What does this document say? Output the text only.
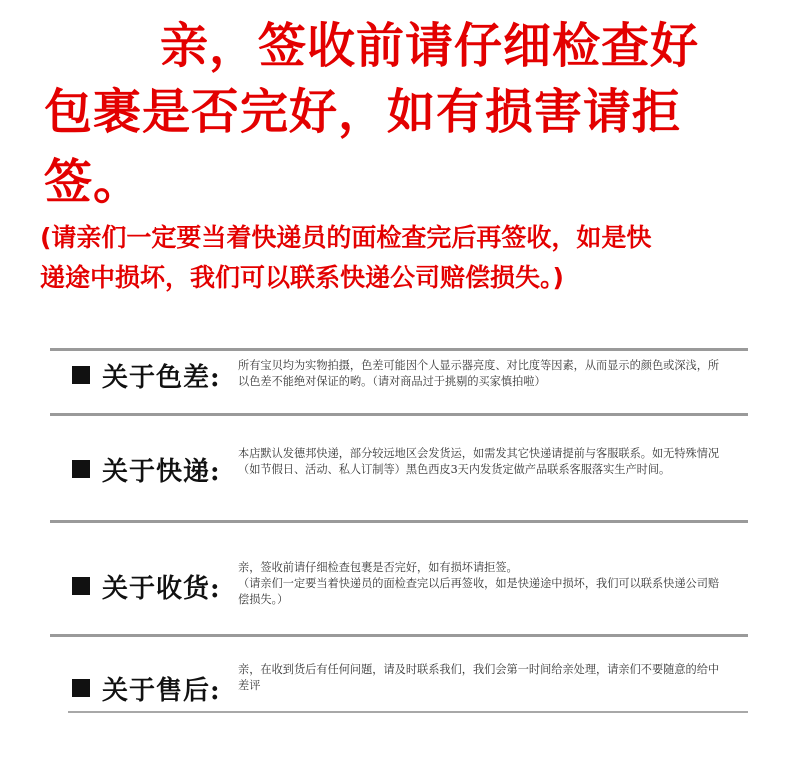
亲，签收前请仔细检查好
包裹是否完好，如有损害请拒
签。
(请亲们一定要当着快递员的面检查完后再签收，如是快
递途中损坏，我们可以联系快递公司赔偿损失。)
关于色差: 所有宝贝均为实物拍摄，色差可能因个人显示器亮度、对比度等因素，从而显示的颜色或深浅，所以色差不能绝对保证的哟。（请对商品过于挑剔的买家慎拍啦）

关于快递:

本店默认发德邦快递，部分较远地区会发货运，如需发其它快递请提前与客服联系。如无特殊情况（如节假日、活动、私人订制等）黑色西皮3天内发货定做产品联系客服落实生产时间。

关于收货:

亲，签收前请仔细检查包裹是否完好，如有损坏请拒签。

（请亲们一定要当着快递员的面检查完以后再签收，如是快递途中损坏，我们可以联系快递公司赔偿损失。）

关于售后:

亲，在收到货后有任何问题，请及时联系我们，我们会第一时间给亲处理，请亲们不要随意的给中差评
